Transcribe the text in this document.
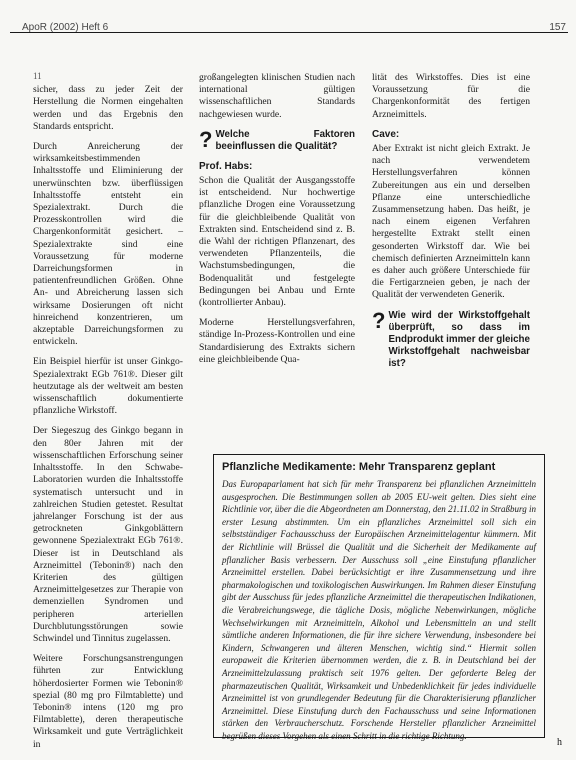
ApoR (2002) Heft 6	157
11

sicher, dass zu jeder Zeit der Herstellung die Normen eingehalten werden und das Ergebnis den Standards entspricht.

Durch Anreicherung der wirksamkeitsbestimmenden Inhaltsstoffe und Eliminierung der unerwünschten bzw. überflüssigen Inhaltsstoffe entsteht ein Spezialextrakt. Durch die Prozesskontrollen wird die Chargenkonformität gesichert. – Spezialextrakte sind eine Voraussetzung für moderne Darreichungsformen in patientenfreundlichen Größen. Ohne An- und Abreicherung lassen sich wirksame Dosierungen oft nicht hinreichend konzentrieren, um akzeptable Darreichungsformen zu entwickeln.

Ein Beispiel hierfür ist unser Ginkgo-Spezialextrakt EGb 761®. Dieser gilt heutzutage als der weltweit am besten wissenschaftlich dokumentierte pflanzliche Wirkstoff.

Der Siegeszug des Ginkgo begann in den 80er Jahren mit der wissenschaftlichen Erforschung seiner Inhaltsstoffe. In den Schwabe-Laboratorien wurden die Inhaltsstoffe systematisch untersucht und in zahlreichen Studien getestet. Resultat jahrelanger Forschung ist der aus getrockneten Ginkgoblättern gewonnene Spezialextrakt EGb 761®. Dieser ist in Deutschland als Arzneimittel (Tebonin®) nach den Kriterien des gültigen Arzneimittelgesetzes zur Therapie von demenziellen Syndromen und peripheren arteriellen Durchblutungsstörungen sowie Schwindel und Tinnitus zugelassen.

Weitere Forschungsanstrengungen führten zur Entwicklung höherdosierter Formen wie Tebonin® spezial (80 mg pro Filmtablette) und Tebonin® intens (120 mg pro Filmtablette), deren therapeutische Wirksamkeit und gute Verträglichkeit in

großangelegten klinischen Studien nach international gültigen wissenschaftlichen Standards nachgewiesen wurde.

? Welche Faktoren beeinflussen die Qualität?
Prof. Habs:

Schon die Qualität der Ausgangsstoffe ist entscheidend. Nur hochwertige pflanzliche Drogen eine Voraussetzung für die gleichbleibende Qualität von Extrakten sind. Entscheidend sind z. B. die Wahl der richtigen Pflanzenart, des verwendeten Pflanzenteils, die Wachstumsbedingungen, die Bodenqualität und festgelegte Bedingungen bei Anbau und Ernte (kontrollierter Anbau).

Moderne Herstellungsverfahren, ständige In-Prozess-Kontrollen und eine Standardisierung des Extrakts sichern eine gleichbleibende Qua-

lität des Wirkstoffes. Dies ist eine Voraussetzung für die Chargenkonformität des fertigen Arzneimittels.

Cave:

Aber Extrakt ist nicht gleich Extrakt. Je nach verwendetem Herstellungsverfahren können Zubereitungen aus ein und derselben Pflanze eine unterschiedliche Zusammensetzung haben. Das heißt, je nach einem eigenen Verfahren hergestellte Extrakt stellt einen gesonderten Wirkstoff dar. Wie bei chemisch definierten Arzneimitteln kann es daher auch größere Unterschiede für die Fertigarzneien geben, je nach der Qualität der verwendeten Generik.

? Wie wird der Wirkstoffgehalt überprüft, so dass im Endprodukt immer der gleiche Wirkstoffgehalt nachweisbar ist?
Pflanzliche Medikamente: Mehr Transparenz geplant

Das Europaparlament hat sich für mehr Transparenz bei pflanzlichen Arzneimitteln ausgesprochen. Die Bestimmungen sollen ab 2005 EU-weit gelten. Dies sieht eine Richtlinie vor, über die die Abgeordneten am Donnerstag, den 21.11.02 in Straßburg in erster Lesung abstimmten. Um ein pflanzliches Arzneimittel soll sich ein selbstständiger Fachausschuss der Europäischen Arzneimittelagentur kümmern. Mit der Richtlinie will Brüssel die Qualität und die Sicherheit der Medikamente auf pflanzlicher Basis verbessern. Der Ausschuss soll „eine Einstufung pflanzlicher Arzneimittel erstellen. Dabei berücksichtigt er ihre Zusammensetzung und ihre pharmakologischen und toxikologischen Auswirkungen. Im Rahmen dieser Einstufung gibt der Ausschuss für jedes pflanzliche Arzneimittel die therapeutischen Indikationen, die Verabreichungswege, die tägliche Dosis, mögliche Nebenwirkungen, mögliche Wechselwirkungen mit Arzneimitteln, Alkohol und Lebensmitteln an und stellt sämtliche anderen Informationen, die für ihre sichere Verwendung, insbesondere bei Kindern, Schwangeren und älteren Menschen, wichtig sind.“ Hiermit sollen europaweit die Kriterien übernommen werden, die z. B. in Deutschland bei der Arzneimittelzulassung praktisch seit 1976 gelten. Der geforderte Beleg der pharmazeutischen Qualität, Wirksamkeit und Unbedenklichkeit für jedes individuelle Arzneimittel ist von grundlegender Bedeutung für die Charakterisierung pflanzlicher Arzneimittel. Diese Einstufung durch den Fachausschuss und seine Informationen stärken den Verbraucherschutz. Forschende Hersteller pflanzlicher Arzneimittel begrüßen dieses Vorgehen als einen Schritt in die richtige Richtung.

h
